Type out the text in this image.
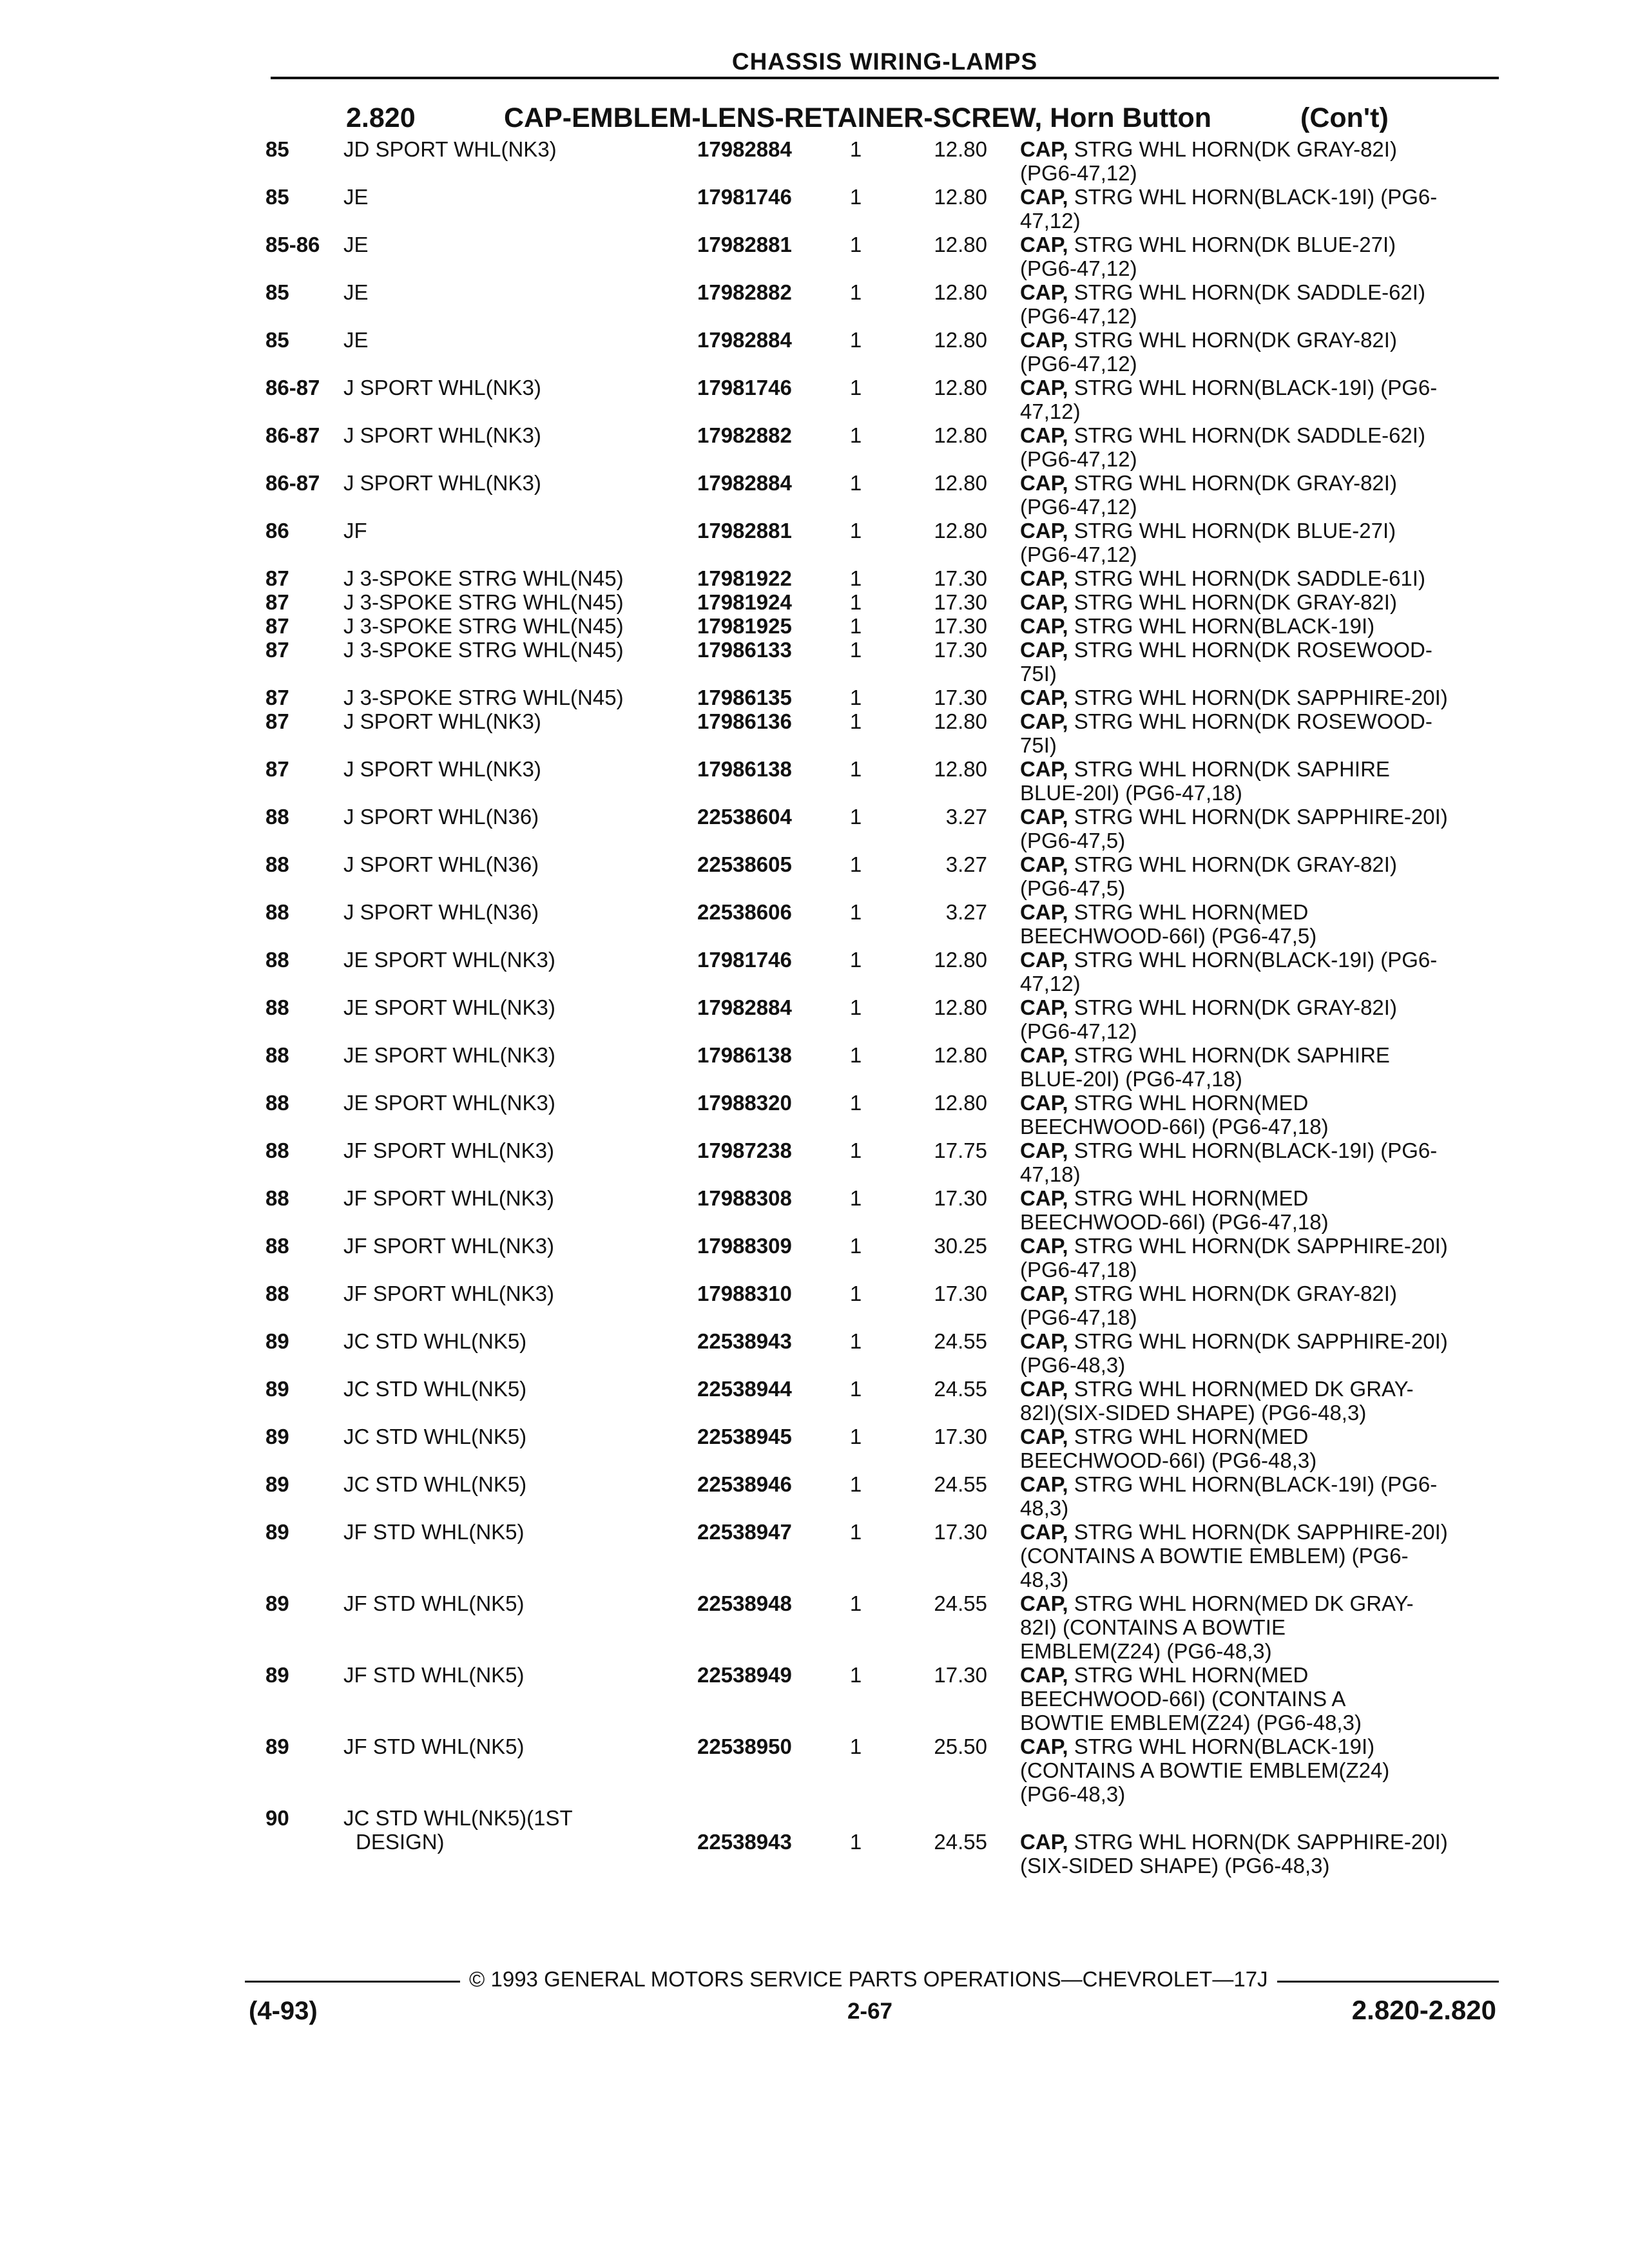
CHASSIS WIRING-LAMPS
2.820	CAP-EMBLEM-LENS-RETAINER-SCREW, Horn Button	(Con't)
85	JD SPORT WHL(NK3)	17982884	1	12.80 CAP, STRG WHL HORN(DK GRAY-82I)
(PG6-47,12)
85	JE	17981746	1	12.80 CAP, STRG WHL HORN(BLACK-19I) (PG6-
47,12)
85-86	JE	17982881	1	12.80 CAP, STRG WHL HORN(DK BLUE-27I)
(PG6-47,12)
85	JE	17982882	1	12.80 CAP, STRG WHL HORN(DK SADDLE-62I)
(PG6-47,12)
85	JE	17982884	1	12.80 CAP, STRG WHL HORN(DK GRAY-82I)
(PG6-47,12)
86-87	J SPORT WHL(NK3)	17981746	1	12.80 CAP, STRG WHL HORN(BLACK-19I) (PG6-
47,12)
86-87	J SPORT WHL(NK3)	17982882	1	12.80 CAP, STRG WHL HORN(DK SADDLE-62I)
(PG6-47,12)
86-87	J SPORT WHL(NK3)	17982884	1	12.80 CAP, STRG WHL HORN(DK GRAY-82I)
(PG6-47,12)
86	JF	17982881	1	12.80 CAP, STRG WHL HORN(DK BLUE-27I)
(PG6-47,12)
87	J 3-SPOKE STRG WHL(N45)	17981922	1	17.30 CAP, STRG WHL HORN(DK SADDLE-61I)
87	J 3-SPOKE STRG WHL(N45)	17981924	1	17.30 CAP, STRG WHL HORN(DK GRAY-82I)
87	J 3-SPOKE STRG WHL(N45)	17981925	1	17.30 CAP, STRG WHL HORN(BLACK-19I)
87	J 3-SPOKE STRG WHL(N45)	17986133	1	17.30 CAP, STRG WHL HORN(DK ROSEWOOD-
75I)
87	J 3-SPOKE STRG WHL(N45)	17986135	1	17.30 CAP, STRG WHL HORN(DK SAPPHIRE-20I)
87	J SPORT WHL(NK3)	17986136	1	12.80 CAP, STRG WHL HORN(DK ROSEWOOD-
75I)
87	J SPORT WHL(NK3)	17986138	1	12.80 CAP, STRG WHL HORN(DK SAPHIRE
BLUE-20I) (PG6-47,18)
88	J SPORT WHL(N36)	22538604	1	3.27 CAP, STRG WHL HORN(DK SAPPHIRE-20I)
(PG6-47,5)
88	J SPORT WHL(N36)	22538605	1	3.27 CAP, STRG WHL HORN(DK GRAY-82I)
(PG6-47,5)
88	J SPORT WHL(N36)	22538606	1	3.27 CAP, STRG WHL HORN(MED
BEECHWOOD-66I) (PG6-47,5)
88	JE SPORT WHL(NK3)	17981746	1	12.80 CAP, STRG WHL HORN(BLACK-19I) (PG6-
47,12)
88	JE SPORT WHL(NK3)	17982884	1	12.80 CAP, STRG WHL HORN(DK GRAY-82I)
(PG6-47,12)
88	JE SPORT WHL(NK3)	17986138	1	12.80 CAP, STRG WHL HORN(DK SAPHIRE
BLUE-20I) (PG6-47,18)
88	JE SPORT WHL(NK3)	17988320	1	12.80 CAP, STRG WHL HORN(MED
BEECHWOOD-66I) (PG6-47,18)
88	JF SPORT WHL(NK3)	17987238	1	17.75 CAP, STRG WHL HORN(BLACK-19I) (PG6-
47,18)
88	JF SPORT WHL(NK3)	17988308	1	17.30 CAP, STRG WHL HORN(MED
BEECHWOOD-66I) (PG6-47,18)
88	JF SPORT WHL(NK3)	17988309	1	30.25 CAP, STRG WHL HORN(DK SAPPHIRE-20I)
(PG6-47,18)
88	JF SPORT WHL(NK3)	17988310	1	17.30 CAP, STRG WHL HORN(DK GRAY-82I)
(PG6-47,18)
89	JC STD WHL(NK5)	22538943	1	24.55 CAP, STRG WHL HORN(DK SAPPHIRE-20I)
(PG6-48,3)
89	JC STD WHL(NK5)	22538944	1	24.55 CAP, STRG WHL HORN(MED DK GRAY-
82I)(SIX-SIDED SHAPE) (PG6-48,3)
89	JC STD WHL(NK5)	22538945	1	17.30 CAP, STRG WHL HORN(MED
BEECHWOOD-66I) (PG6-48,3)
89	JC STD WHL(NK5)	22538946	1	24.55 CAP, STRG WHL HORN(BLACK-19I) (PG6-
48,3)
89	JF STD WHL(NK5)	22538947	1	17.30 CAP, STRG WHL HORN(DK SAPPHIRE-20I)
(CONTAINS A BOWTIE EMBLEM) (PG6-
48,3)
89	JF STD WHL(NK5)	22538948	1	24.55 CAP, STRG WHL HORN(MED DK GRAY-
82I) (CONTAINS A BOWTIE
EMBLEM(Z24) (PG6-48,3)
89	JF STD WHL(NK5)	22538949	1	17.30 CAP, STRG WHL HORN(MED
BEECHWOOD-66I) (CONTAINS A
BOWTIE EMBLEM(Z24) (PG6-48,3)
89	JF STD WHL(NK5)	22538950	1	25.50 CAP, STRG WHL HORN(BLACK-19I)
(CONTAINS A BOWTIE EMBLEM(Z24)
(PG6-48,3)
90	JC STD WHL(NK5)(1ST
DESIGN)	22538943	1	24.55 CAP, STRG WHL HORN(DK SAPPHIRE-20I)
(SIX-SIDED SHAPE) (PG6-48,3)
© 1993 GENERAL MOTORS SERVICE PARTS OPERATIONS—CHEVROLET—17J
(4-93)	2-67	2.820-2.820
